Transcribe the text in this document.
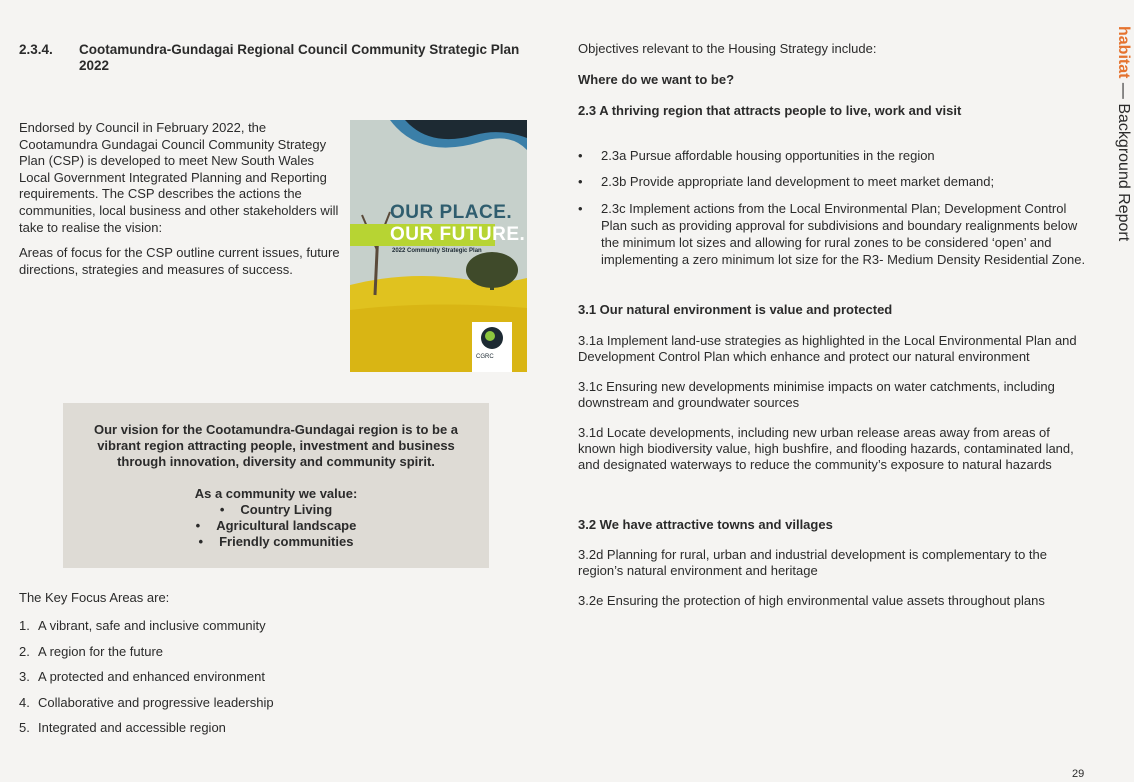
2.3.4. Cootamundra-Gundagai Regional Council Community Strategic Plan 2022

Endorsed by Council in February 2022, the Cootamundra Gundagai Council Community Strategy Plan (CSP) is developed to meet New South Wales Local Government Integrated Planning and Reporting requirements. The CSP describes the actions the communities, local business and other stakeholders will take to realise the vision:

Areas of focus for the CSP outline current issues, future directions, strategies and measures of success.

OUR PLACE.
OUR FUTURE.
2022 Community Strategic Plan
CGRC

Our vision for the Cootamundra-Gundagai region is to be a vibrant region attracting people, investment and business through innovation, diversity and community spirit.

As a community we value:

• Country Living
• Agricultural landscape
• Friendly communities
The Key Focus Areas are:
1. A vibrant, safe and inclusive community
2. A region for the future
3. A protected and enhanced environment
4. Collaborative and progressive leadership
5. Integrated and accessible region

Objectives relevant to the Housing Strategy include:

Where do we want to be?

2.3 A thriving region that attracts people to live, work and visit

• 2.3a Pursue affordable housing opportunities in the region
• 2.3b Provide appropriate land development to meet market demand;
• 2.3c Implement actions from the Local Environmental Plan; Development Control Plan such as providing approval for subdivisions and boundary realignments below the minimum lot sizes and allowing for rural zones to be considered ‘open’ and implementing a zero minimum lot size for the R3- Medium Density Residential Zone.

3.1 Our natural environment is value and protected

3.1a Implement land-use strategies as highlighted in the Local Environmental Plan and Development Control Plan which enhance and protect our natural environment

3.1c Ensuring new developments minimise impacts on water catchments, including downstream and groundwater sources

3.1d Locate developments, including new urban release areas away from areas of known high biodiversity value, high bushfire, and flooding hazards, contaminated land, and designated waterways to reduce the community’s exposure to natural hazards

3.2 We have attractive towns and villages

3.2d Planning for rural, urban and industrial development is complementary to the region’s natural environment and heritage

3.2e Ensuring the protection of high environmental value assets throughout plans

habitat — Background Report
29
